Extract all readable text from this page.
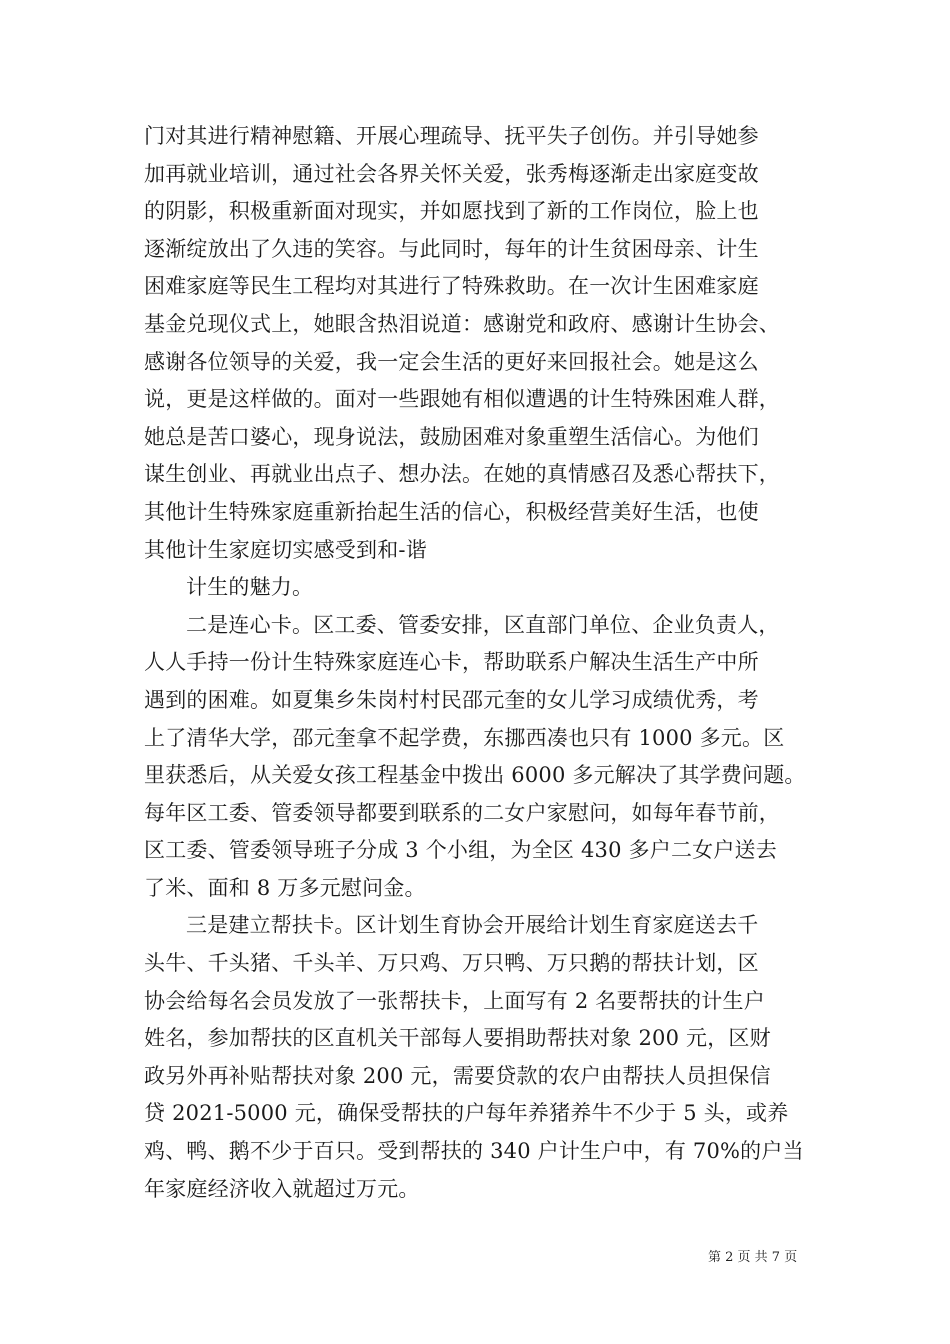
门对其进行精神慰籍、开展心理疏导、抚平失子创伤。并引导她参
加再就业培训，通过社会各界关怀关爱，张秀梅逐渐走出家庭变故
的阴影，积极重新面对现实，并如愿找到了新的工作岗位，脸上也
逐渐绽放出了久违的笑容。与此同时，每年的计生贫困母亲、计生
困难家庭等民生工程均对其进行了特殊救助。在一次计生困难家庭
基金兑现仪式上，她眼含热泪说道：感谢党和政府、感谢计生协会、
感谢各位领导的关爱，我一定会生活的更好来回报社会。她是这么
说，更是这样做的。面对一些跟她有相似遭遇的计生特殊困难人群，
她总是苦口婆心，现身说法，鼓励困难对象重塑生活信心。为他们
谋生创业、再就业出点子、想办法。在她的真情感召及悉心帮扶下，
其他计生特殊家庭重新抬起生活的信心，积极经营美好生活，也使
其他计生家庭切实感受到和-谐

计生的魅力。

二是连心卡。区工委、管委安排，区直部门单位、企业负责人，
人人手持一份计生特殊家庭连心卡，帮助联系户解决生活生产中所
遇到的困难。如夏集乡朱岗村村民邵元奎的女儿学习成绩优秀，考
上了清华大学，邵元奎拿不起学费，东挪西凑也只有 1000 多元。区
里获悉后，从关爱女孩工程基金中拨出 6000 多元解决了其学费问题。
每年区工委、管委领导都要到联系的二女户家慰问，如每年春节前，
区工委、管委领导班子分成 3 个小组，为全区 430 多户二女户送去
了米、面和 8 万多元慰问金。

三是建立帮扶卡。区计划生育协会开展给计划生育家庭送去千
头牛、千头猪、千头羊、万只鸡、万只鸭、万只鹅的帮扶计划，区
协会给每名会员发放了一张帮扶卡，上面写有 2 名要帮扶的计生户
姓名，参加帮扶的区直机关干部每人要捐助帮扶对象 200 元，区财
政另外再补贴帮扶对象 200 元，需要贷款的农户由帮扶人员担保信
贷 2021-5000 元，确保受帮扶的户每年养猪养牛不少于 5 头，或养
鸡、鸭、鹅不少于百只。受到帮扶的 340 户计生户中，有 70%的户当
年家庭经济收入就超过万元。

第 2 页 共 7 页
